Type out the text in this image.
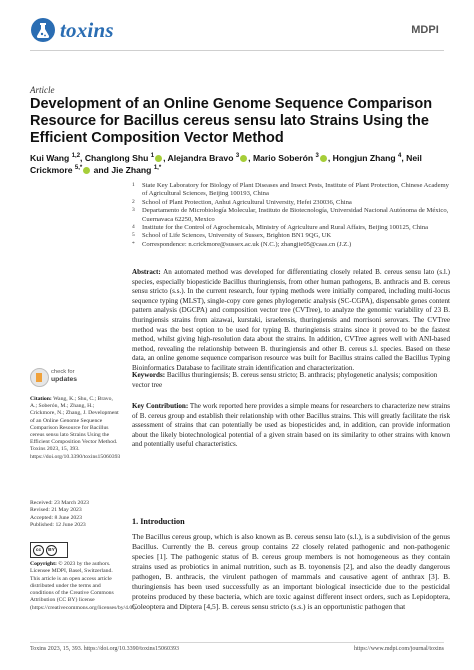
toxins	MDPI
Article
Development of an Online Genome Sequence Comparison Resource for Bacillus cereus sensu lato Strains Using the Efficient Composition Vector Method
Kui Wang $^{1,2}$, Changlong Shu $^1$ , Alejandra Bravo $^3$ , Mario Soberón $^3$ , Hongjun Zhang $^4$, Neil Crickmore $^{5,*}$ and Jie Zhang $^{1,*}$
1	State Key Laboratory for Biology of Plant Diseases and Insect Pests, Institute of Plant Protection, Chinese Academy of Agricultural Sciences, Beijing 100193, China
2	School of Plant Protection, Anhui Agricultural University, Hefei 230036, China
3	Departamento de Microbiología Molecular, Instituto de Biotecnología, Universidad Nacional Autónoma de México, Cuernavaca 62250, Mexico
4	Institute for the Control of Agrochemicals, Ministry of Agriculture and Rural Affairs, Beijing 100125, China
5	School of Life Sciences, University of Sussex, Brighton BN1 9QG, UK
*	Correspondence: n.crickmore@sussex.ac.uk (N.C.); zhangjie05@caas.cn (J.Z.)
Abstract: An automated method was developed for differentiating closely related B. cereus sensu lato (s.l.) species, especially biopesticide Bacillus thuringiensis, from other human pathogens, B. anthracis and B. cereus sensu stricto (s.s.). In the current research, four typing methods were initially compared, including multi-locus sequence typing (MLST), single-copy core genes phylogenetic analysis (SC-CGPA), dispensable genes content pattern analysis (DGCPA) and composition vector tree (CVTree), to analyze the genomic variability of 23 B. thuringiensis strains from aizawai, kurstaki, israelensis, thuringiensis and morrisoni serovars. The CVTree method was the best option to be used for typing B. thuringiensis strains since it proved to be the fastest method, whilst giving high-resolution data about the strains. In addition, CVTree agrees well with ANI-based method, revealing the relationship between B. thuringiensis and other B. cereus s.l. species. Based on these data, an online genome sequence comparison resource was built for Bacillus strains called the Bacillus Typing Bioinformatics Database to facilitate strain identification and characterization.
Keywords: Bacillus thuringiensis; B. cereus sensu stricto; B. anthracis; phylogenetic analysis; composition vector tree
Key Contribution: The work reported here provides a simple means for researchers to characterize new strains of B. cereus group and establish their relationship with other Bacillus strains. This will greatly facilitate the risk assessment of strains that can potentially be used as biopesticides and, in addition, can provide information about the likely biotechnological potential of a given strain based on its similarity to other strains with known and potentially useful characteristics.
check for
updates
Citation: Wang, K.; Shu, C.; Bravo, A.; Soberón, M.; Zhang, H.; Crickmore, N.; Zhang, J. Development of an Online Genome Sequence Comparison Resource for Bacillus cereus sensu lato Strains Using the Efficient Composition Vector Method. Toxins 2023, 15, 393. https://doi.org/10.3390/toxins15060393
Received: 23 March 2023
Revised: 21 May 2023
Accepted: 8 June 2023
Published: 12 June 2023
cc	BY
Copyright: © 2023 by the authors. Licensee MDPI, Basel, Switzerland. This article is an open access article distributed under the terms and conditions of the Creative Commons Attribution (CC BY) license (https://creativecommons.org/licenses/by/4.0/).
1. Introduction
The Bacillus cereus group, which is also known as B. cereus sensu lato (s.l.), is a subdivision of the genus Bacillus. Currently the B. cereus group contains 22 closely related pathogenic and non-pathogenic species [1]. The pathogenic status of B. cereus group members is not homogeneous as they contain strains used as probiotics in animal nutrition, such as B. toyonensis [2], and also the deadly dangerous pathogen, B. anthracis, the virulent pathogen of mammals and causative agent of anthrax [3]. B. thuringiensis has been used successfully as an important biological insecticide due to the pesticidal proteins produced by these bacteria, which are toxic against different insect orders, such as Lepidoptera, Coleoptera and Diptera [4,5]. B. cereus sensu stricto (s.s.) is an opportunistic pathogen that
Toxins 2023, 15, 393. https://doi.org/10.3390/toxins15060393	https://www.mdpi.com/journal/toxins
